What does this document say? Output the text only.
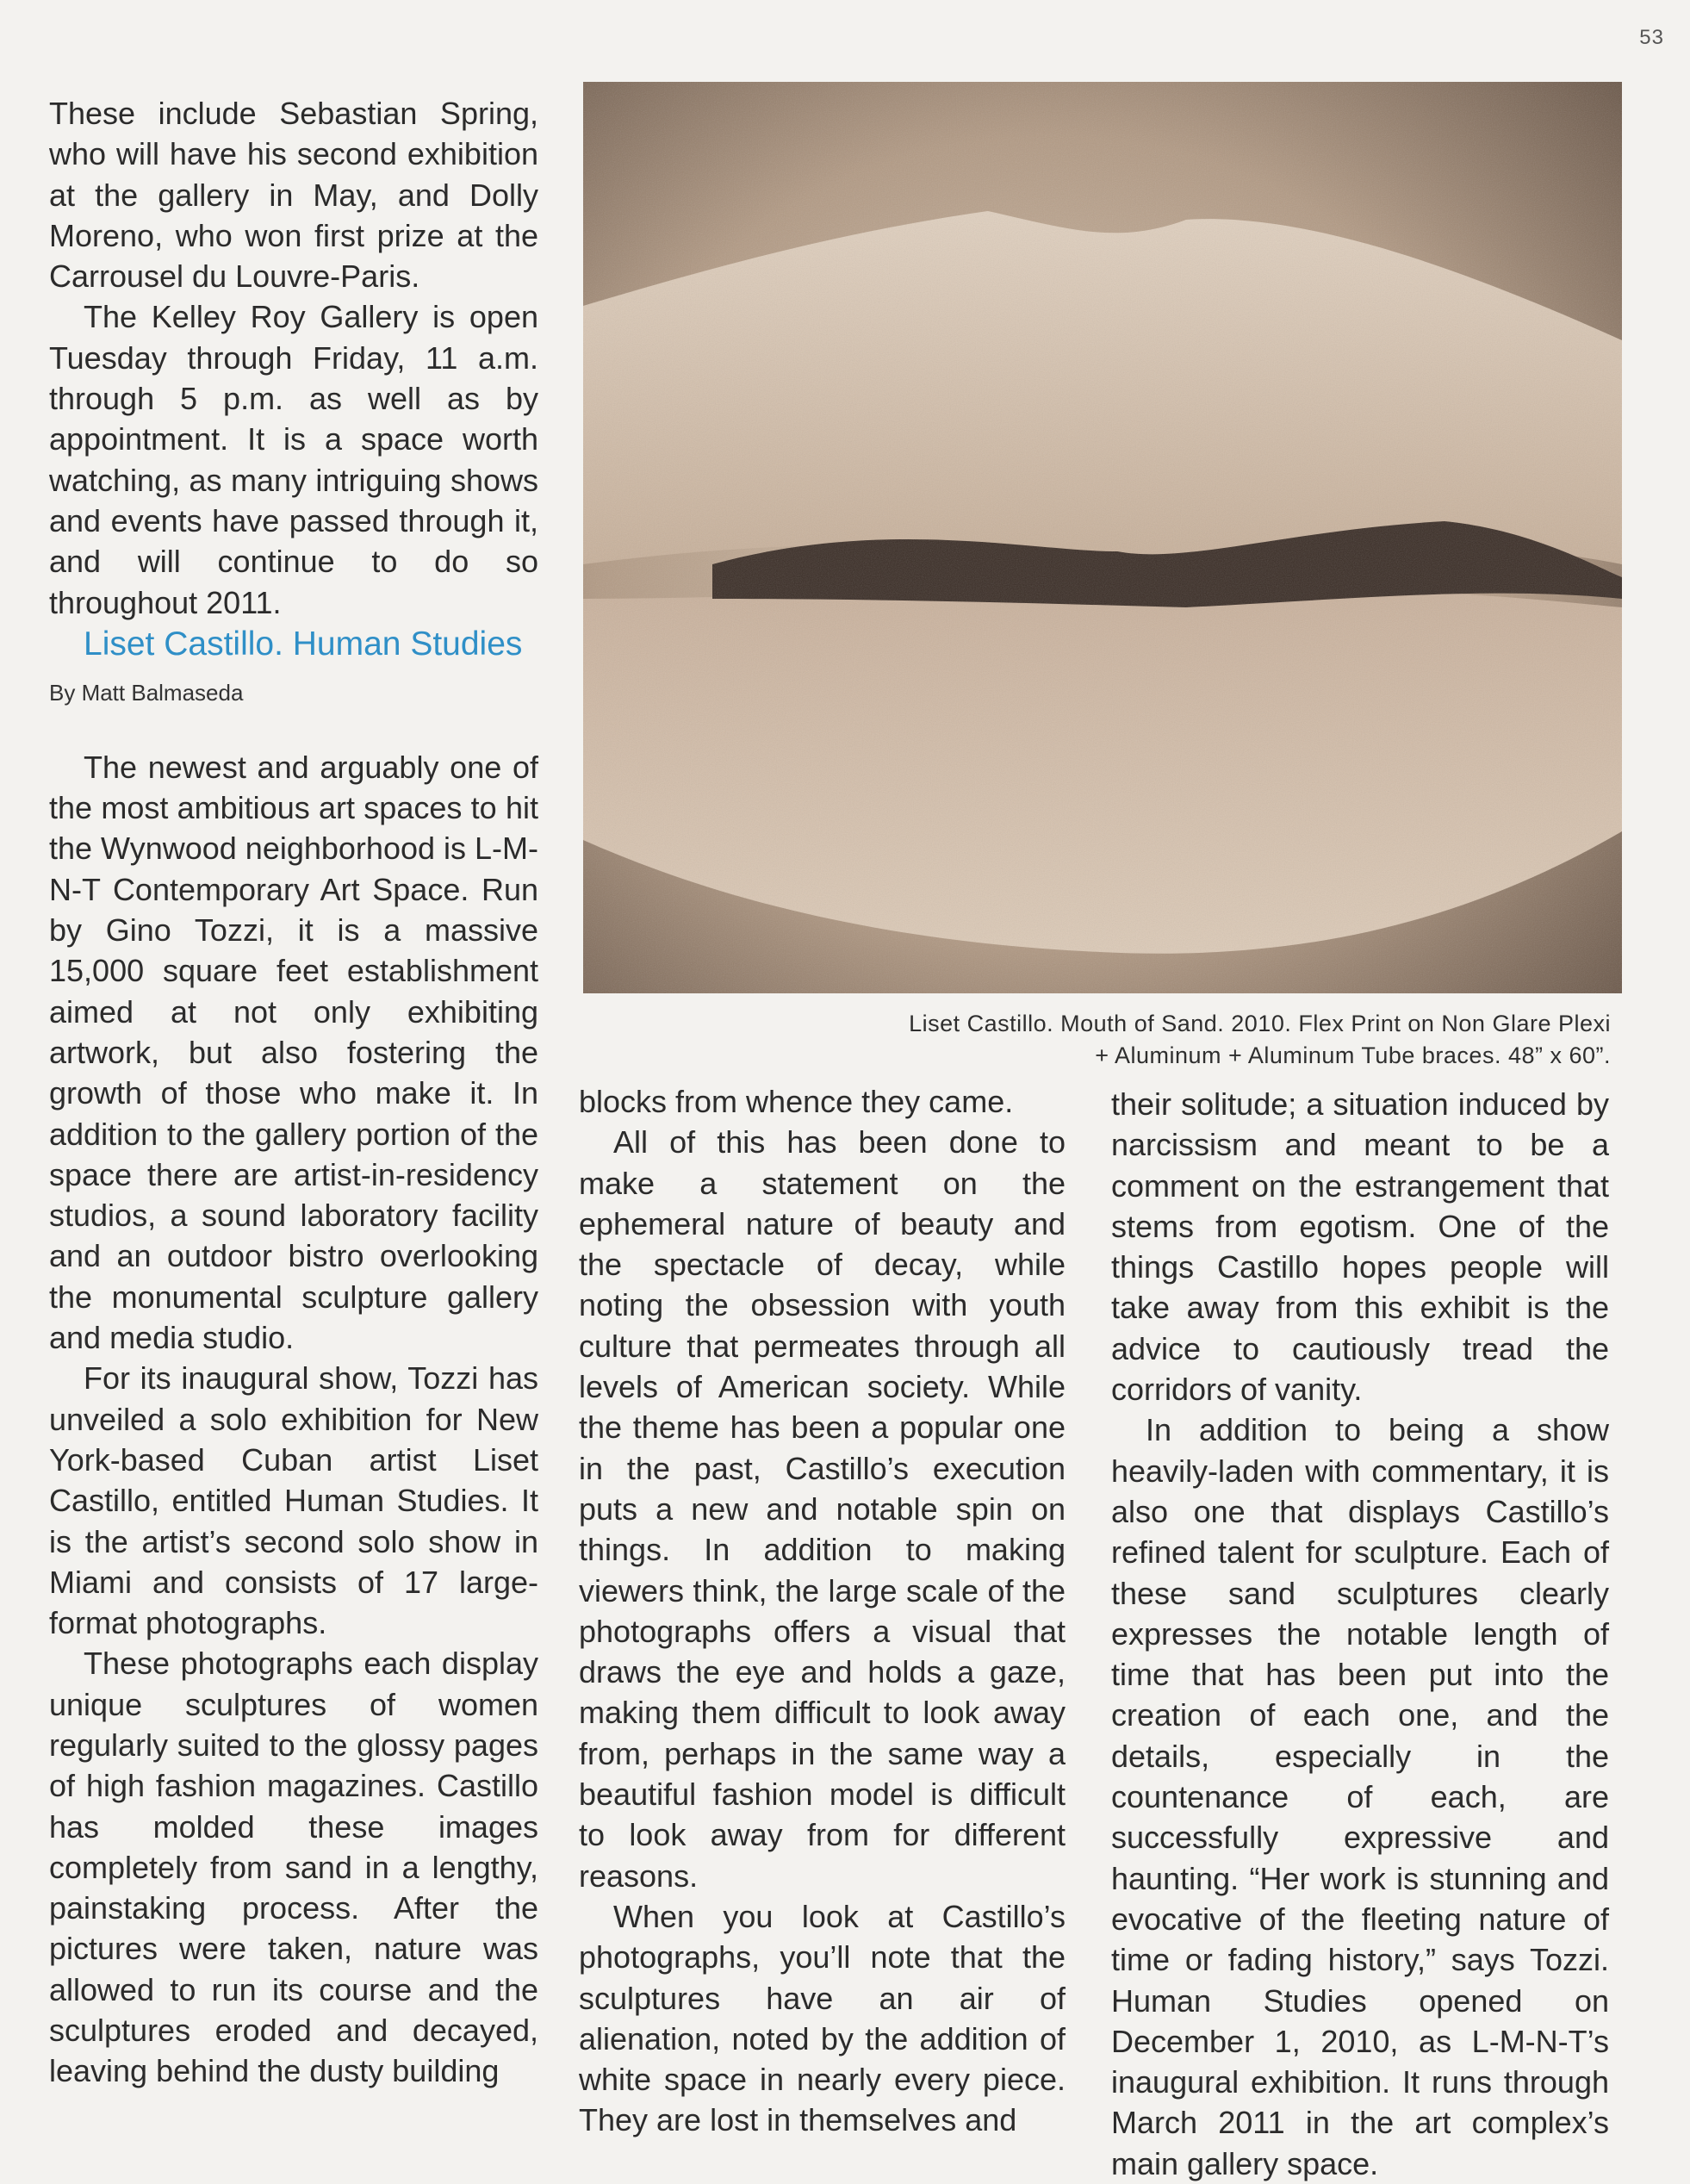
53

These include Sebastian Spring, who will have his second exhibition at the gallery in May, and Dolly Moreno, who won first prize at the Carrousel du Louvre-Paris.

The Kelley Roy Gallery is open Tuesday through Friday, 11 a.m. through 5 p.m. as well as by appointment. It is a space worth watching, as many intriguing shows and events have passed through it, and will continue to do so throughout 2011.

Liset Castillo. Human Studies

By Matt Balmaseda

The newest and arguably one of the most ambitious art spaces to hit the Wynwood neighborhood is L-M-N-T Contemporary Art Space. Run by Gino Tozzi, it is a massive 15,000 square feet establishment aimed at not only exhibiting artwork, but also fostering the growth of those who make it. In addition to the gallery portion of the space there are artist-in-residency studios, a sound laboratory facility and an outdoor bistro overlooking the monumental sculpture gallery and media studio.

For its inaugural show, Tozzi has unveiled a solo exhibition for New York-based Cuban artist Liset Castillo, entitled Human Studies. It is the artist’s second solo show in Miami and consists of 17 large-format photographs.

These photographs each display unique sculptures of women regularly suited to the glossy pages of high fashion magazines. Castillo has molded these images completely from sand in a lengthy, painstaking process. After the pictures were taken, nature was allowed to run its course and the sculptures eroded and decayed, leaving behind the dusty building

Liset Castillo. Mouth of Sand. 2010. Flex Print on Non Glare Plexi
+ Aluminum + Aluminum Tube braces. 48” x 60”.

blocks from whence they came.

All of this has been done to make a statement on the ephemeral nature of beauty and the spectacle of decay, while noting the obsession with youth culture that permeates through all levels of American society. While the theme has been a popular one in the past, Castillo’s execution puts a new and notable spin on things. In addition to making viewers think, the large scale of the photographs offers a visual that draws the eye and holds a gaze, making them difficult to look away from, perhaps in the same way a beautiful fashion model is difficult to look away from for different reasons.

When you look at Castillo’s photographs, you’ll note that the sculptures have an air of alienation, noted by the addition of white space in nearly every piece. They are lost in themselves and

their solitude; a situation induced by narcissism and meant to be a comment on the estrangement that stems from egotism. One of the things Castillo hopes people will take away from this exhibit is the advice to cautiously tread the corridors of vanity.

In addition to being a show heavily-laden with commentary, it is also one that displays Castillo’s refined talent for sculpture. Each of these sand sculptures clearly expresses the notable length of time that has been put into the creation of each one, and the details, especially in the countenance of each, are successfully expressive and haunting. “Her work is stunning and evocative of the fleeting nature of time or fading history,” says Tozzi. Human Studies opened on December 1, 2010, as L-M-N-T’s inaugural exhibition. It runs through March 2011 in the art complex’s main gallery space.
